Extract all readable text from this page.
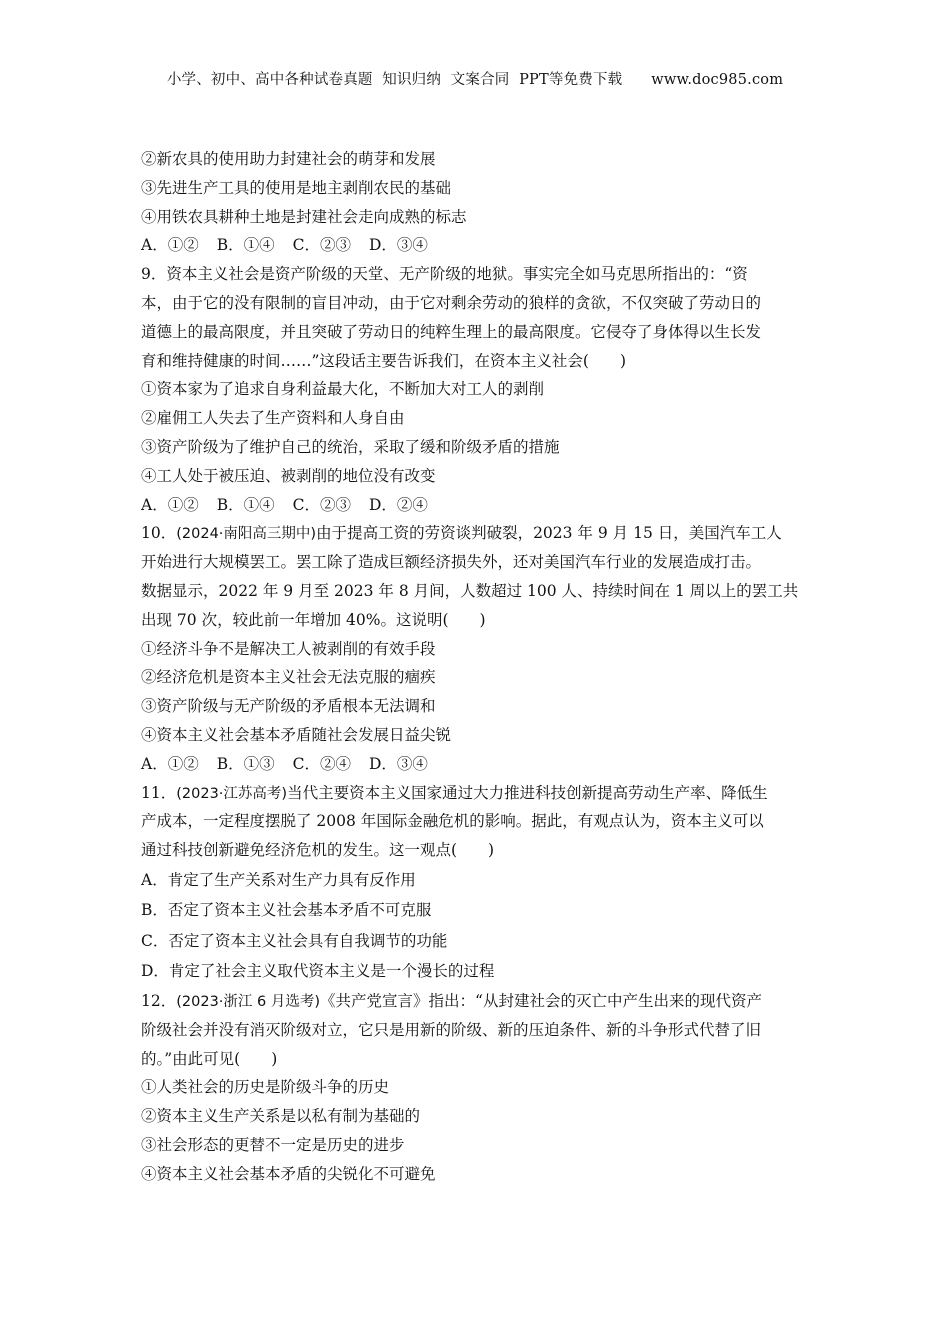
小学、初中、高中各种试卷真题  知识归纳  文案合同  PPT等免费下载      www.doc985.com
②新农具的使用助力封建社会的萌芽和发展
③先进生产工具的使用是地主剥削农民的基础
④用铁农具耕种土地是封建社会走向成熟的标志
A．①② B．①④ C．②③ D．③④
9．资本主义社会是资产阶级的天堂、无产阶级的地狱。事实完全如马克思所指出的：“资
本，由于它的没有限制的盲目冲动，由于它对剩余劳动的狼样的贪欲，不仅突破了劳动日的
道德上的最高限度，并且突破了劳动日的纯粹生理上的最高限度。它侵夺了身体得以生长发
育和维持健康的时间……”这段话主要告诉我们，在资本主义社会(　　)
①资本家为了追求自身利益最大化，不断加大对工人的剥削
②雇佣工人失去了生产资料和人身自由
③资产阶级为了维护自己的统治，采取了缓和阶级矛盾的措施
④工人处于被压迫、被剥削的地位没有改变
A．①② B．①④ C．②③ D．②④
10．(2024·南阳高三期中)由于提高工资的劳资谈判破裂，2023 年 9 月 15 日，美国汽车工人
开始进行大规模罢工。罢工除了造成巨额经济损失外，还对美国汽车行业的发展造成打击。
数据显示，2022 年 9 月至 2023 年 8 月间，人数超过 100 人、持续时间在 1 周以上的罢工共
出现 70 次，较此前一年增加 40%。这说明(　　)
①经济斗争不是解决工人被剥削的有效手段
②经济危机是资本主义社会无法克服的痼疾
③资产阶级与无产阶级的矛盾根本无法调和
④资本主义社会基本矛盾随社会发展日益尖锐
A．①② B．①③ C．②④ D．③④
11．(2023·江苏高考)当代主要资本主义国家通过大力推进科技创新提高劳动生产率、降低生
产成本，一定程度摆脱了 2008 年国际金融危机的影响。据此，有观点认为，资本主义可以
通过科技创新避免经济危机的发生。这一观点(　　)
A．肯定了生产关系对生产力具有反作用
B．否定了资本主义社会基本矛盾不可克服
C．否定了资本主义社会具有自我调节的功能
D．肯定了社会主义取代资本主义是一个漫长的过程
12．(2023·浙江 6 月选考)《共产党宣言》指出：“从封建社会的灭亡中产生出来的现代资产
阶级社会并没有消灭阶级对立，它只是用新的阶级、新的压迫条件、新的斗争形式代替了旧
的。”由此可见(　　)
①人类社会的历史是阶级斗争的历史
②资本主义生产关系是以私有制为基础的
③社会形态的更替不一定是历史的进步
④资本主义社会基本矛盾的尖锐化不可避免
